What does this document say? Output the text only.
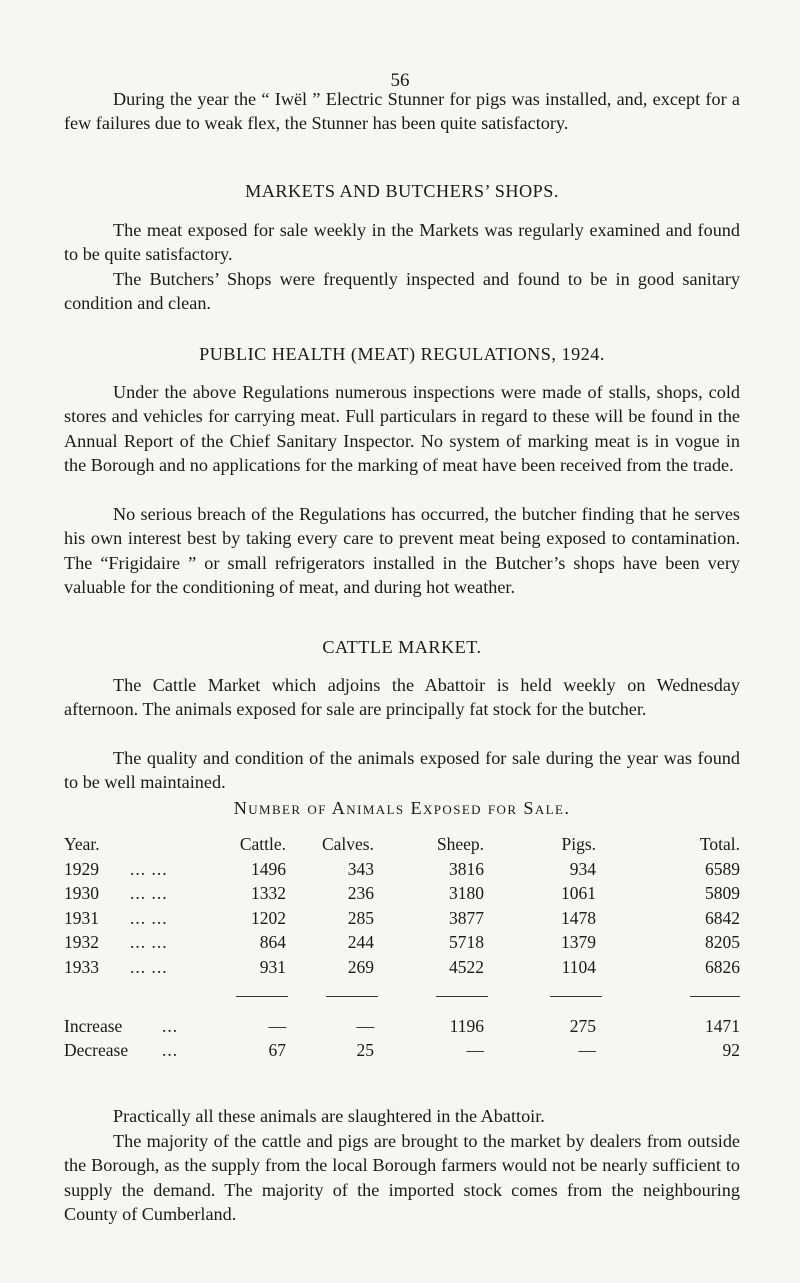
56

During the year the “ Iwël ” Electric Stunner for pigs was installed, and, except for a few failures due to weak flex, the Stunner has been quite satisfactory.

MARKETS AND BUTCHERS’ SHOPS.

The meat exposed for sale weekly in the Markets was regularly examined and found to be quite satisfactory.

The Butchers’ Shops were frequently inspected and found to be in good sanitary condition and clean.

PUBLIC HEALTH (MEAT) REGULATIONS, 1924.

Under the above Regulations numerous inspections were made of stalls, shops, cold stores and vehicles for carrying meat. Full particulars in regard to these will be found in the Annual Report of the Chief Sanitary Inspector. No system of marking meat is in vogue in the Borough and no applications for the marking of meat have been received from the trade.

No serious breach of the Regulations has occurred, the butcher finding that he serves his own interest best by taking every care to prevent meat being exposed to contamination. The “Frigidaire ” or small refrigerators installed in the Butcher’s shops have been very valuable for the conditioning of meat, and during hot weather.

CATTLE MARKET.

The Cattle Market which adjoins the Abattoir is held weekly on Wednesday afternoon. The animals exposed for sale are principally fat stock for the butcher.

The quality and condition of the animals exposed for sale during the year was found to be well maintained.

Number of Animals Exposed for Sale.
Year.	Cattle. Calves.	Sheep.	Pigs.	Total.
1929 ... ...	1496	343	3816	934	6589
1930 ... ...	1332	236	3180	1061	5809
1931 ... ...	1202	285	3877	1478	6842
1932 ... ...	864	244	5718	1379	8205
1933 ... ...	931	269	4522	1104	6826
Increase ...	—	—	1196	275	1471
Decrease ...	67	25	—	—	92

Practically all these animals are slaughtered in the Abattoir.

The majority of the cattle and pigs are brought to the market by dealers from outside the Borough, as the supply from the local Borough farmers would not be nearly sufficient to supply the demand. The majority of the imported stock comes from the neighbouring County of Cumberland.
